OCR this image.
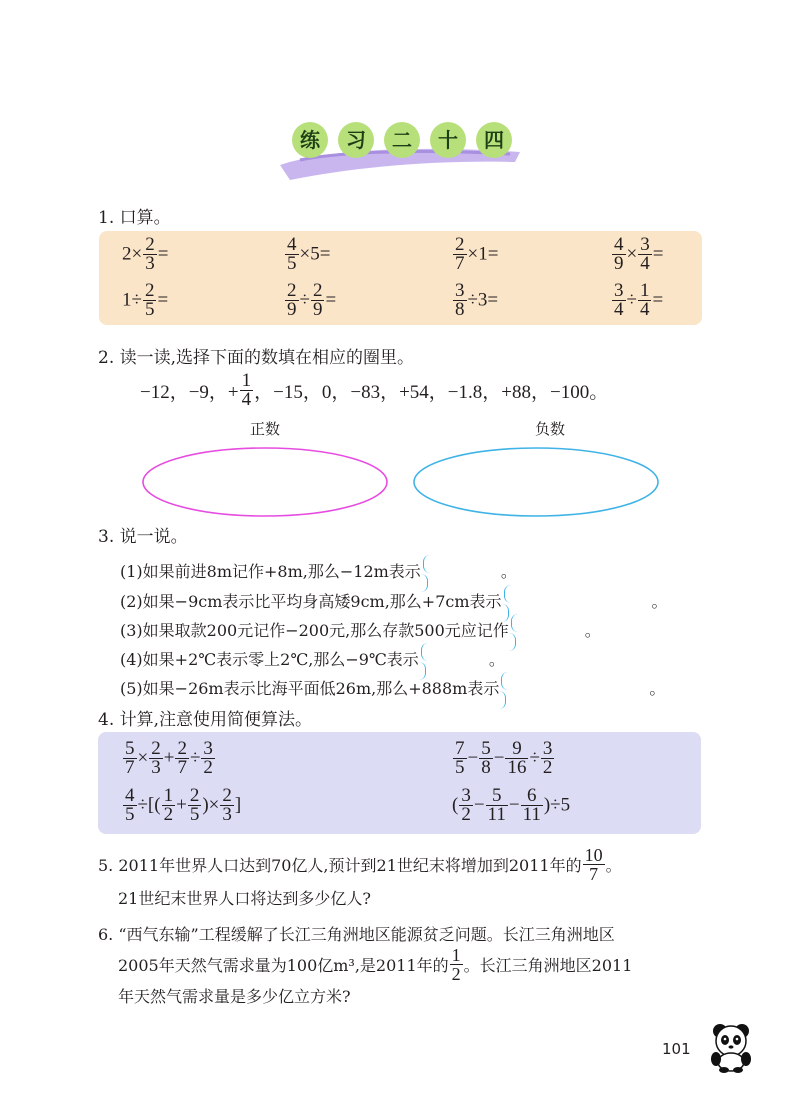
练	习	二	十	四
1. 口算。
$2\times \frac{2}{3}$ =	$\frac{4}{5} \times 5=$	$\frac{2}{7} \times 1=$	$\frac{4}{9} \times \frac{3}{4}$ =
$1\div \frac{2}{5}$ =	$\frac{2}{9} \div \frac{2}{9}$ =	$\frac{3}{8} \div 3=$	$\frac{3}{4} \div \frac{1}{4}$ =
2. 读一读,选择下面的数填在相应的圈里。
−12，−9，+ $\frac{1}{4}$ ，−15，0，−83，+54，−1.8，+88，−100。
正数	负数
3. 说一说。
(1)如果前进8m记作+8m,那么−12m表示	。
(2)如果−9cm表示比平均身高矮9cm,那么+7cm表示	。
(3)如果取款200元记作−200元,那么存款500元应记作	。
(4)如果+2℃表示零上2℃,那么−9℃表示	。
(5)如果−26m表示比海平面低26m,那么+888m表示	。
4. 计算,注意使用简便算法。
$\frac{5}{7} \times \frac{2}{3} + \frac{2}{7} \div \frac{3}{2}$	$\frac{7}{5} - \frac{5}{8} - \frac{9}{16} \div \frac{3}{2}$
$\frac{4}{5}$ ÷[( $\frac{1}{2} + \frac{2}{5}$ )× $\frac{2}{3}$ ]	( $\frac{3}{2} - \frac{5}{11} - \frac{6}{11} )\div 5$
5. 2011年世界人口达到70亿人,预计到21世纪末将增加到2011年的 $\frac{10}{7}$ 。
21世纪末世界人口将达到多少亿人?
6. “西气东输”工程缓解了长江三角洲地区能源贫乏问题。长江三角洲地区
2005年天然气需求量为100亿m³,是2011年的 $\frac{1}{2}$ 。长江三角洲地区2011
年天然气需求量是多少亿立方米?
101
